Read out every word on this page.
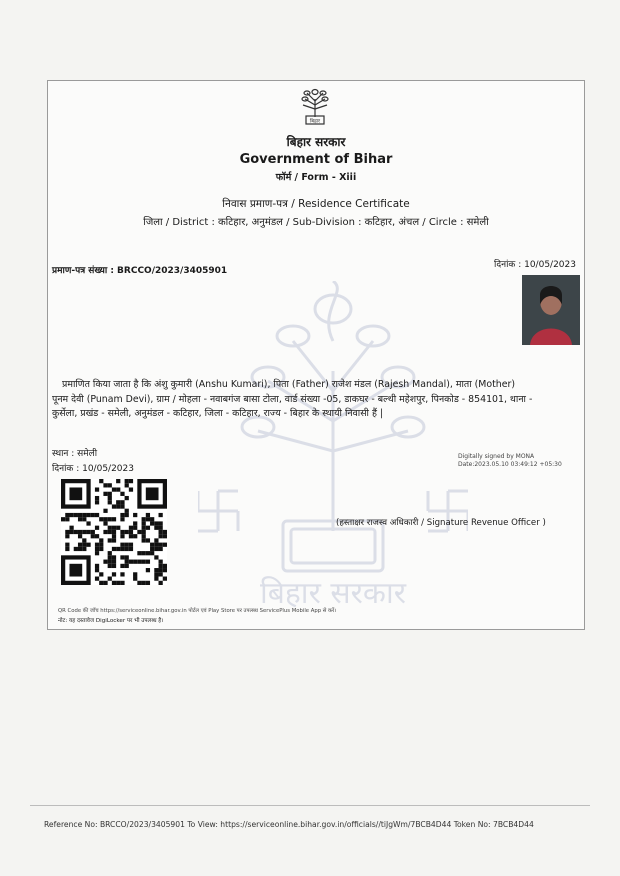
बिहार
बिहार सरकार
बिहार सरकार
Government of Bihar
फॉर्म / Form - Xiii
निवास प्रमाण-पत्र / Residence Certificate
जिला / District : कटिहार, अनुमंडल / Sub-Division : कटिहार, अंचल / Circle : समेली
प्रमाण-पत्र संख्या : BRCCO/2023/3405901
दिनांक : 10/05/2023
प्रमाणित किया जाता है कि अंशु कुमारी (Anshu Kumari), पिता (Father) राजेश मंडल (Rajesh Mandal), माता (Mother)
पूनम देवी (Punam Devi), ग्राम / मोहला - नवाबगंज बासा टोला, वार्ड संख्या -05, डाकघर - बल्थी महेशपुर, पिनकोड - 854101, थाना -
कुर्सेला, प्रखंड - समेली, अनुमंडल - कटिहार, जिला - कटिहार, राज्य - बिहार के स्थायी निवासी हैं |
स्थान : समेली
दिनांक : 10/05/2023
Digitally signed by MONA
Date:2023.05.10 03:49:12 +05:30
(हस्ताक्षर राजस्व अधिकारी / Signature Revenue Officer )
QR Code की जाँच https://serviceonline.bihar.gov.in पोर्टल एवं Play Store पर उपलब्ध ServicePlus Mobile App से करें।
नोट: यह दस्तावेज DigiLocker पर भी उपलब्ध है।
Reference No: BRCCO/2023/3405901 To View: https://serviceonline.bihar.gov.in/officials//tiJgWm/7BCB4D44 Token No: 7BCB4D44
